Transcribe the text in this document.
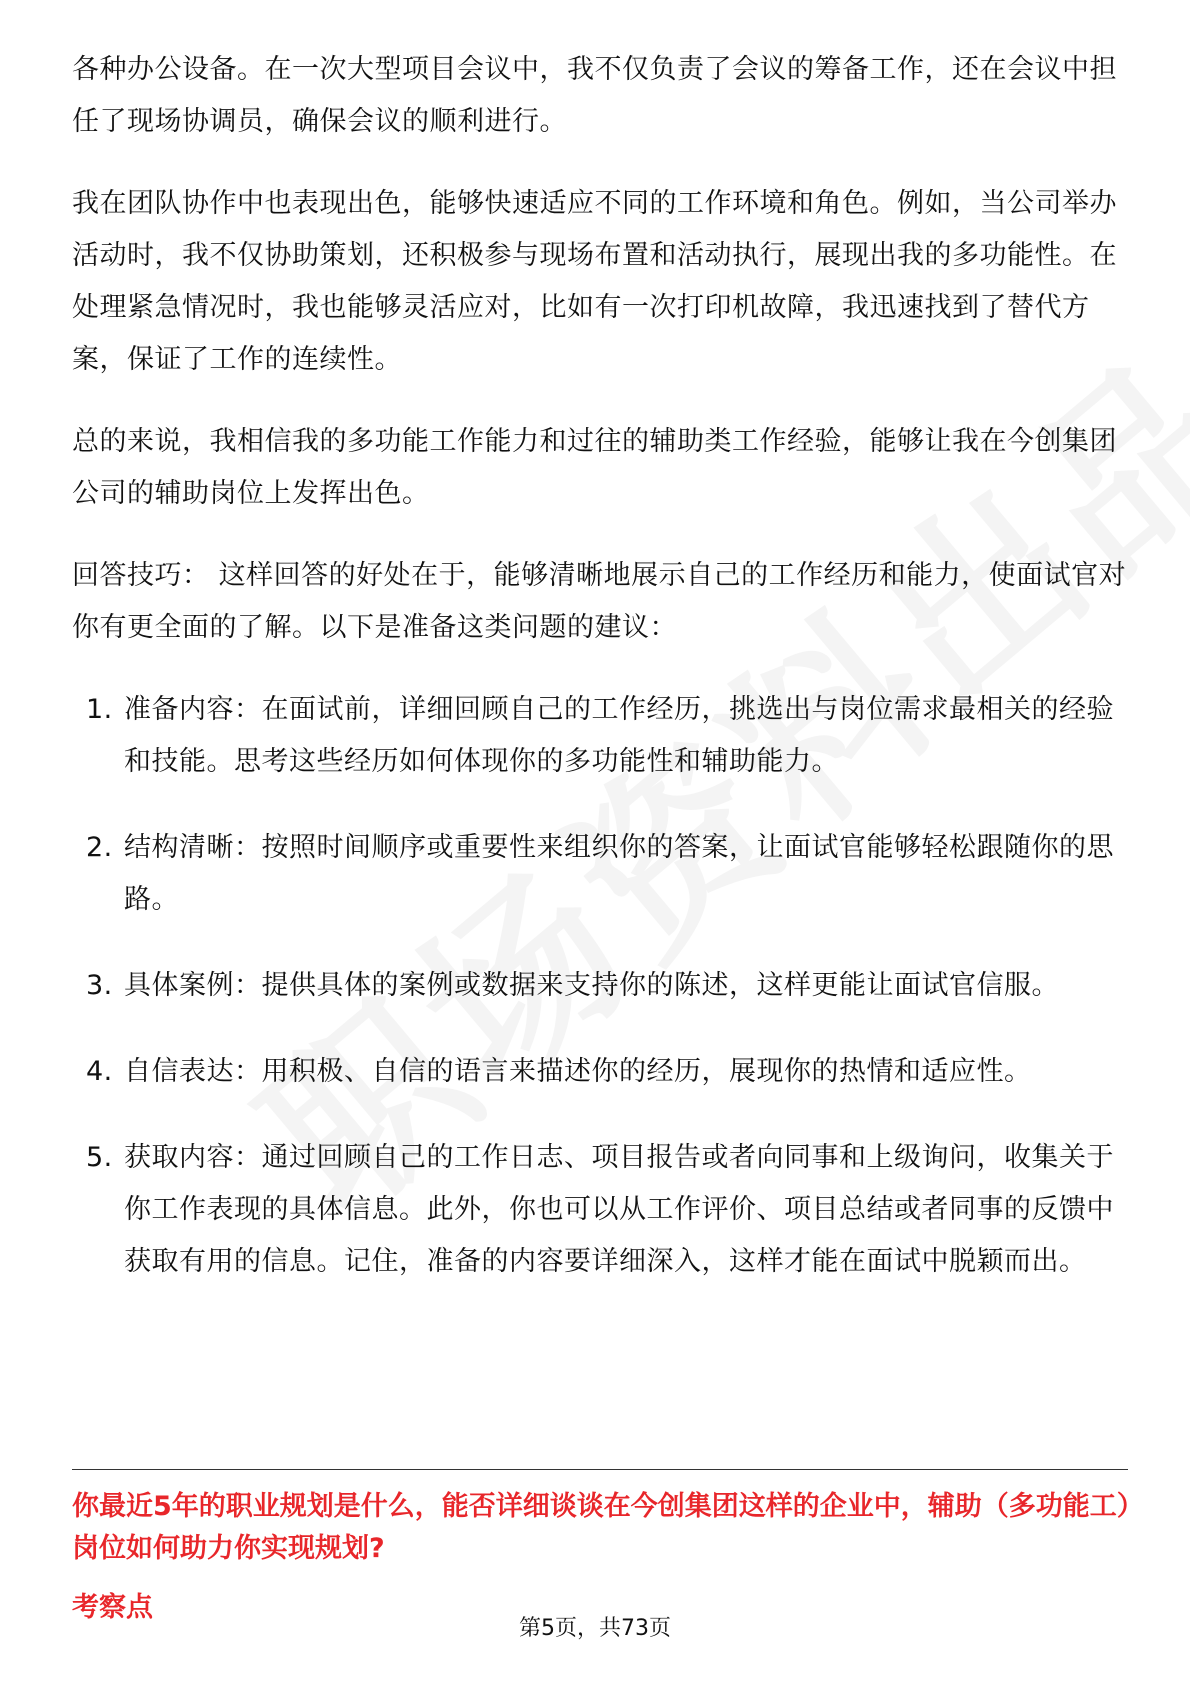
各种办公设备。在一次大型项目会议中，我不仅负责了会议的筹备工作，还在会议中担任了现场协调员，确保会议的顺利进行。

我在团队协作中也表现出色，能够快速适应不同的工作环境和角色。例如，当公司举办活动时，我不仅协助策划，还积极参与现场布置和活动执行，展现出我的多功能性。在处理紧急情况时，我也能够灵活应对，比如有一次打印机故障，我迅速找到了替代方案，保证了工作的连续性。

总的来说，我相信我的多功能工作能力和过往的辅助类工作经验，能够让我在今创集团公司的辅助岗位上发挥出色。

回答技巧： 这样回答的好处在于，能够清晰地展示自己的工作经历和能力，使面试官对你有更全面的了解。以下是准备这类问题的建议：

1. 准备内容：在面试前，详细回顾自己的工作经历，挑选出与岗位需求最相关的经验和技能。思考这些经历如何体现你的多功能性和辅助能力。
2. 结构清晰：按照时间顺序或重要性来组织你的答案，让面试官能够轻松跟随你的思路。
3. 具体案例：提供具体的案例或数据来支持你的陈述，这样更能让面试官信服。
4. 自信表达：用积极、自信的语言来描述你的经历，展现你的热情和适应性。
5. 获取内容：通过回顾自己的工作日志、项目报告或者向同事和上级询问，收集关于你工作表现的具体信息。此外，你也可以从工作评价、项目总结或者同事的反馈中获取有用的信息。记住，准备的内容要详细深入，这样才能在面试中脱颖而出。
你最近5年的职业规划是什么，能否详细谈谈在今创集团这样的企业中，辅助（多功能工）岗位如何助力你实现规划?
考察点
第5页，共73页
